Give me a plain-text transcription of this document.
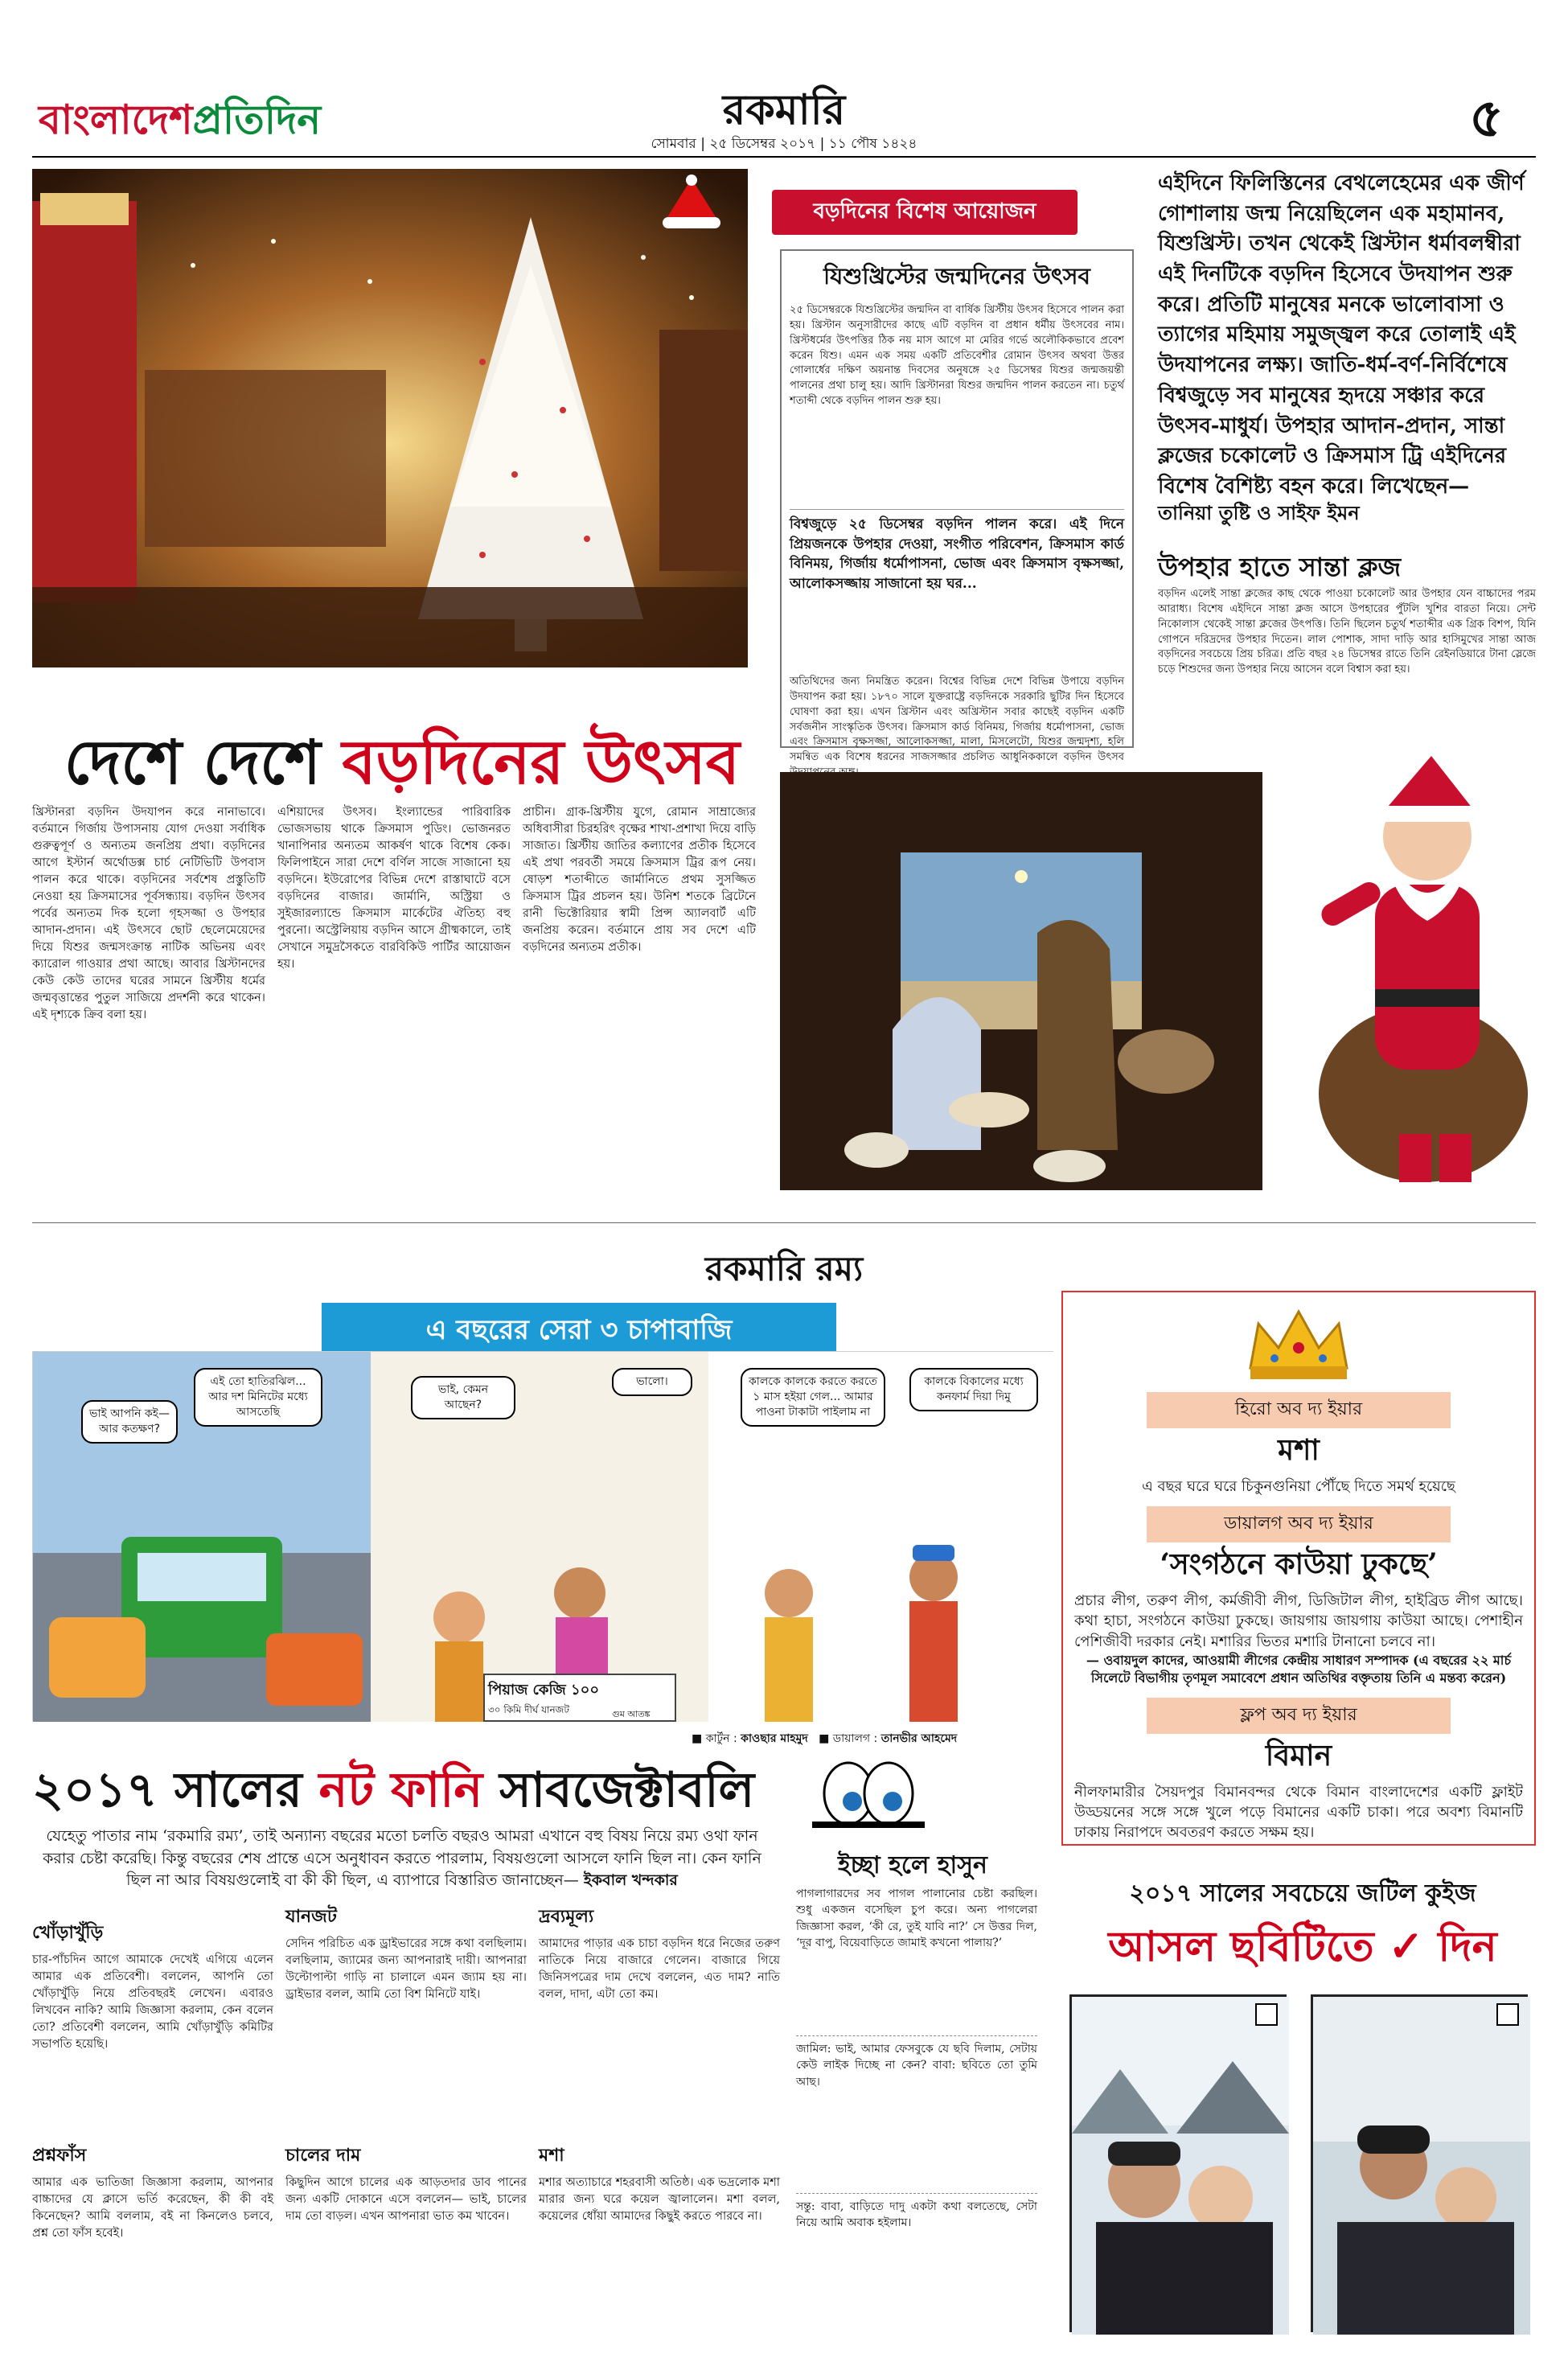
বাংলাদেশপ্রতিদিন	রকমারি
সোমবার | ২৫ ডিসেম্বর ২০১৭ | ১১ পৌষ ১৪২৪	৫
বড়দিনের বিশেষ আয়োজন
যিশুখ্রিস্টের জন্মদিনের উৎসব
২৫ ডিসেম্বরকে যিশুখ্রিস্টের জন্মদিন বা বার্ষিক খ্রিস্টীয় উৎসব হিসেবে পালন করা হয়। খ্রিস্টান অনুসারীদের কাছে এটি বড়দিন বা প্রধান ধর্মীয় উৎসবের নাম। খ্রিস্টধর্মের উৎপত্তির ঠিক নয় মাস আগে মা মেরির গর্ভে অলৌকিকভাবে প্রবেশ করেন যিশু। এমন এক সময় একটি প্রতিবেশীর রোমান উৎসব অথবা উত্তর গোলার্ধের দক্ষিণ অয়নান্ত দিবসের অনুষঙ্গে ২৫ ডিসেম্বর যিশুর জন্মজয়ন্তী পালনের প্রথা চালু হয়। আদি খ্রিস্টানরা যিশুর জন্মদিন পালন করতেন না। চতুর্থ শতাব্দী থেকে বড়দিন পালন শুরু হয়।
বিশ্বজুড়ে ২৫ ডিসেম্বর বড়দিন পালন করে। এই দিনে প্রিয়জনকে উপহার দেওয়া, সংগীত পরিবেশন, ক্রিসমাস কার্ড বিনিময়, গির্জায় ধর্মোপাসনা, ভোজ এবং ক্রিসমাস বৃক্ষসজ্জা, আলোকসজ্জায় সাজানো হয় ঘর...
অতিথিদের জন্য নিমন্ত্রিত করেন। বিশ্বের বিভিন্ন দেশে বিভিন্ন উপায়ে বড়দিন উদযাপন করা হয়। ১৮৭০ সালে যুক্তরাষ্ট্রে বড়দিনকে সরকারি ছুটির দিন হিসেবে ঘোষণা করা হয়। এখন খ্রিস্টান এবং অখ্রিস্টান সবার কাছেই বড়দিন একটি সর্বজনীন সাংস্কৃতিক উৎসব। ক্রিসমাস কার্ড বিনিময়, গির্জায় ধর্মোপাসনা, ভোজ এবং ক্রিসমাস বৃক্ষসজ্জা, আলোকসজ্জা, মালা, মিসলেটো, যিশুর জন্মদৃশ্য, হলি সমন্বিত এক বিশেষ ধরনের সাজসজ্জার প্রচলিত আধুনিককালে বড়দিন উৎসব
এইদিনে ফিলিস্তিনের বেথলেহেমের এক জীর্ণ গোশালায় জন্ম নিয়েছিলেন এক মহামানব, যিশুখ্রিস্ট। তখন থেকেই খ্রিস্টান ধর্মাবলম্বীরা এই দিনটিকে বড়দিন হিসেবে উদযাপন শুরু করে। প্রতিটি মানুষের মনকে ভালোবাসা ও ত্যাগের মহিমায় সমুজ্জ্বল করে তোলাই এই উদযাপনের লক্ষ্য। জাতি-ধর্ম-বর্ণ-নির্বিশেষে বিশ্বজুড়ে সব মানুষের হৃদয়ে সঞ্চার করে উৎসব-মাধুর্য। উপহার আদান-প্রদান, সান্তা ক্লজের চকোলেট ও ক্রিসমাস ট্রি এইদিনের বিশেষ বৈশিষ্ট্য বহন করে। লিখেছেন—
তানিয়া তুষ্টি ও সাইফ ইমন
উপহার হাতে সান্তা ক্লজ
বড়দিন এলেই সান্তা ক্লজের কাছ থেকে পাওয়া চকোলেট আর উপহার যেন বাচ্চাদের পরম আরাধ্য। বিশেষ এইদিনে সান্তা ক্লজ আসে উপহারের পুঁটলি খুশির বারতা নিয়ে। সেন্ট নিকোলাস থেকেই সান্তা ক্লজের উৎপত্তি। তিনি ছিলেন চতুর্থ শতাব্দীর এক গ্রিক বিশপ, যিনি গোপনে দরিদ্রদের উপহার দিতেন। লাল পোশাক, সাদা দাড়ি আর হাসিমুখের সান্তা আজ বড়দিনের সবচেয়ে প্রিয় চরিত্র। প্রতি বছর ২৪ ডিসেম্বর রাতে তিনি রেইনডিয়ারে টানা স্লেজে চড়ে শিশুদের জন্য উপহার নিয়ে আসেন বলে বিশ্বাস করা হয়।
দেশে দেশে বড়দিনের উৎসব
খ্রিস্টানরা বড়দিন উদযাপন করে নানাভাবে। বর্তমানে গির্জায় উপাসনায় যোগ দেওয়া সর্বাধিক গুরুত্বপূর্ণ ও অন্যতম জনপ্রিয় প্রথা। বড়দিনের আগে ইস্টার্ন অর্থোডক্স চার্চ নেটিভিটি উপবাস পালন করে থাকে। বড়দিনের সর্বশেষ প্রস্তুতিটি নেওয়া হয় ক্রিসমাসের পূর্বসন্ধ্যায়। বড়দিন উৎসব পর্বের অন্যতম দিক হলো গৃহসজ্জা ও উপহার আদান-প্রদান। এই উৎসবে ছোট ছেলেমেয়েদের দিয়ে যিশুর জন্মসংক্রান্ত নাটিক অভিনয় এবং ক্যারোল গাওয়ার প্রথা আছে। আবার খ্রিস্টানদের কেউ কেউ তাদের ঘরের সামনে খ্রিস্টীয় ধর্মের জন্মবৃত্তান্তের পুতুল সাজিয়ে প্রদর্শনী করে থাকেন। এই দৃশ্যকে ক্রিব বলা হয়।
এশিয়াদের উৎসব। ইংল্যান্ডের পারিবারিক ভোজসভায় থাকে ক্রিসমাস পুডিং। ভোজনরত খানাপিনার অন্যতম আকর্ষণ থাকে বিশেষ কেক। ফিলিপাইনে সারা দেশে বর্ণিল সাজে সাজানো হয় বড়দিনে। ইউরোপের বিভিন্ন দেশে রাস্তাঘাটে বসে বড়দিনের বাজার। জার্মানি, অস্ট্রিয়া ও সুইজারল্যান্ডে ক্রিসমাস মার্কেটের ঐতিহ্য বহু পুরনো। অস্ট্রেলিয়ায় বড়দিন আসে গ্রীষ্মকালে, তাই সেখানে সমুদ্রসৈকতে বারবিকিউ পার্টির আয়োজন হয়।
প্রাচীন। গ্রাক-খ্রিস্টীয় যুগে, রোমান সাম্রাজ্যের অধিবাসীরা চিরহরিৎ বৃক্ষের শাখা-প্রশাখা দিয়ে বাড়ি সাজাত। খ্রিস্টীয় জাতির কল্যাণের প্রতীক হিসেবে এই প্রথা পরবর্তী সময়ে ক্রিসমাস ট্রির রূপ নেয়। ষোড়শ শতাব্দীতে জার্মানিতে প্রথম সুসজ্জিত ক্রিসমাস ট্রির প্রচলন হয়। উনিশ শতকে ব্রিটেনে রানী ভিক্টোরিয়ার স্বামী প্রিন্স অ্যালবার্ট এটি জনপ্রিয় করেন। বর্তমানে প্রায় সব দেশে এটি বড়দিনের অন্যতম প্রতীক।
রকমারি রম্য
এ বছরের সেরা ৩ চাপাবাজি
ভাই আপনি কই— আর কতক্ষণ?
এই তো হাতিরঝিল... আর দশ মিনিটের মধ্যে আসতেছি
ভাই, কেমন আছেন?
ভালো।
পিয়াজ কেজি ১০০
৩০ কিমি দীর্ঘ যানজট	গুম আতঙ্ক
কালকে কালকে করতে করতে ১ মাস হইয়া গেল... আমার পাওনা টাকাটা পাইলাম না
কালকে বিকালের মধ্যে কনফার্ম দিয়া দিমু
■ কার্টুন : কাওছার মাহমুদ   ■ ডায়ালগ : তানভীর আহমেদ
হিরো অব দ্য ইয়ার
মশা
এ বছর ঘরে ঘরে চিকুনগুনিয়া পৌঁছে দিতে সমর্থ হয়েছে
ডায়ালগ অব দ্য ইয়ার
‘সংগঠনে কাউয়া ঢুকছে’
প্রচার লীগ, তরুণ লীগ, কর্মজীবী লীগ, ডিজিটাল লীগ, হাইব্রিড লীগ আছে। কথা হাচা, সংগঠনে কাউয়া ঢুকছে। জায়গায় জায়গায় কাউয়া আছে। পেশাহীন পেশিজীবী দরকার নেই। মশারির ভিতর মশারি টানানো চলবে না।
— ওবায়দুল কাদের, আওয়ামী লীগের কেন্দ্রীয় সাধারণ সম্পাদক (এ বছরের ২২ মার্চ সিলেটে বিভাগীয় তৃণমূল সমাবেশে প্রধান অতিথির বক্তৃতায় তিনি এ মন্তব্য করেন)
ফ্লপ অব দ্য ইয়ার
বিমান
নীলফামারীর সৈয়দপুর বিমানবন্দর থেকে বিমান বাংলাদেশের একটি ফ্লাইট উড্ডয়নের সঙ্গে সঙ্গে খুলে পড়ে বিমানের একটি চাকা। পরে অবশ্য বিমানটি ঢাকায় নিরাপদে অবতরণ করতে সক্ষম হয়।
২০১৭ সালের নট ফানি সাবজেক্টাবলি
যেহেতু পাতার নাম ‘রকমারি রম্য’, তাই অন্যান্য বছরের মতো চলতি বছরও আমরা এখানে বহু বিষয় নিয়ে রম্য ওথা ফান করার চেষ্টা করেছি। কিন্তু বছরের শেষ প্রান্তে এসে অনুধাবন করতে পারলাম, বিষয়গুলো আসলে ফানি ছিল না। কেন ফানি ছিল না আর বিষয়গুলোই বা কী কী ছিল, এ ব্যাপারে বিস্তারিত জানাচ্ছেন— ইকবাল খন্দকার
খোঁড়াখুঁড়ি
চার-পাঁচদিন আগে আমাকে দেখেই এগিয়ে এলেন আমার এক প্রতিবেশী। বললেন, আপনি তো খোঁড়াখুঁড়ি নিয়ে প্রতিবছরই লেখেন। এবারও লিখবেন নাকি? আমি জিজ্ঞাসা করলাম, কেন বলেন তো? প্রতিবেশী বললেন, আমি খোঁড়াখুঁড়ি কমিটির সভাপতি হয়েছি।
প্রশ্নফাঁস
আমার এক ভাতিজা জিজ্ঞাসা করলাম, আপনার বাচ্চাদের যে ক্লাসে ভর্তি করেছেন, কী কী বই কিনেছেন? আমি বললাম, বই না কিনলেও চলবে, প্রশ্ন তো ফাঁস হবেই।
যানজট
সেদিন পরিচিত এক ড্রাইভারের সঙ্গে কথা বলছিলাম। বলছিলাম, জ্যামের জন্য আপনারাই দায়ী। আপনারা উল্টোপাল্টা গাড়ি না চালালে এমন জ্যাম হয় না। ড্রাইভার বলল, আমি তো বিশ মিনিটে যাই।
চালের দাম
কিছুদিন আগে চালের এক আড়তদার ডাব পানের জন্য একটি দোকানে এসে বললেন— ভাই, চালের দাম তো বাড়ল। এখন আপনারা ভাত কম খাবেন।
দ্রব্যমূল্য
আমাদের পাড়ার এক চাচা বড়দিন ধরে নিজের তরুণ নাতিকে নিয়ে বাজারে গেলেন। বাজারে গিয়ে জিনিসপত্রের দাম দেখে বললেন, এত দাম? নাতি বলল, দাদা, এটা তো কম।
মশা
মশার অত্যাচারে শহরবাসী অতিষ্ঠ। এক ভদ্রলোক মশা মারার জন্য ঘরে কয়েল জ্বালালেন। মশা বলল, কয়েলের ধোঁয়া আমাদের কিছুই করতে পারবে না।
ইচ্ছা হলে হাসুন
পাগলাগারদের সব পাগল পালানোর চেষ্টা করছিল। শুধু একজন বসেছিল চুপ করে। অন্য পাগলেরা জিজ্ঞাসা করল, ‘কী রে, তুই যাবি না?’ সে উত্তর দিল, ‘দূর বাপু, বিয়েবাড়িতে জামাই কখনো পালায়?’
জামিল: ভাই, আমার ফেসবুকে যে ছবি দিলাম, সেটায় কেউ লাইক দিচ্ছে না কেন? বাবা: ছবিতে তো তুমি আছ।
সন্তু: বাবা, বাড়িতে দাদু একটা কথা বলতেছে, সেটা নিয়ে আমি অবাক হইলাম।
২০১৭ সালের সবচেয়ে জটিল কুইজ
আসল ছবিটিতে ✓ দিন
